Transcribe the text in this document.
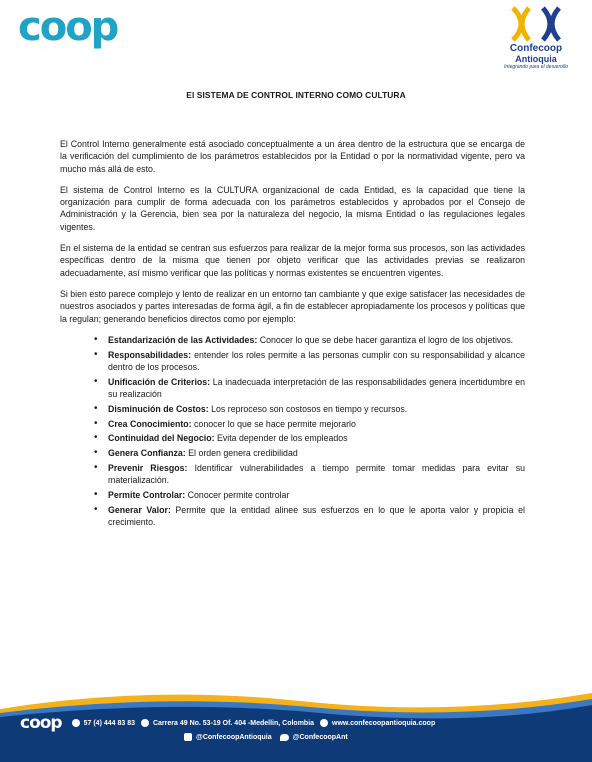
coop	Confecoop
Antioquia
Integrando para el desarrollo
El SISTEMA DE CONTROL INTERNO COMO CULTURA

El Control Interno generalmente está asociado conceptualmente a un área dentro de la estructura que se encarga de la verificación del cumplimiento de los parámetros establecidos por la Entidad o por la normatividad vigente, pero va mucho más allá de esto.

El sistema de Control Interno es la CULTURA organizacional de cada Entidad, es la capacidad que tiene la organización para cumplir de forma adecuada con los parámetros establecidos y aprobados por el Consejo de Administración y la Gerencia, bien sea por la naturaleza del negocio, la misma Entidad o las regulaciones legales vigentes.

En el sistema de la entidad se centran sus esfuerzos para realizar de la mejor forma sus procesos, son las actividades específicas dentro de la misma que tienen por objeto verificar que las actividades previas se realizaron adecuadamente, así mismo verificar que las políticas y normas existentes se encuentren vigentes.

Si bien esto parece complejo y lento de realizar en un entorno tan cambiante y que exige satisfacer las necesidades de nuestros asociados y partes interesadas de forma ágil, a fin de establecer apropiadamente los procesos y políticas que la regulan; generando beneficios directos como por ejemplo:

• Estandarización de las Actividades: Conocer lo que se debe hacer garantiza el logro de los objetivos.
• Responsabilidades: entender los roles permite a las personas cumplir con su responsabilidad y alcance dentro de los procesos.
• Unificación de Criterios: La inadecuada interpretación de las responsabilidades genera incertidumbre en su realización
• Disminución de Costos: Los reproceso son costosos en tiempo y recursos.
• Crea Conocimiento: conocer lo que se hace permite mejorarlo
• Continuidad del Negocio: Evita depender de los empleados
• Genera Confianza: El orden genera credibilidad
• Prevenir Riesgos: Identificar vulnerabilidades a tiempo permite tomar medidas para evitar su materialización.
• Permite Controlar: Conocer permite controlar
• Generar Valor: Permite que la entidad alinee sus esfuerzos en lo que le aporta valor y propicia el crecimiento.
coop	57 (4) 444 83 83	Carrera 49 No. 53-19 Of. 404 -Medellin, Colombia	www.confecoopantioquia.coop
@ConfecoopAntioquia	@ConfecoopAnt
